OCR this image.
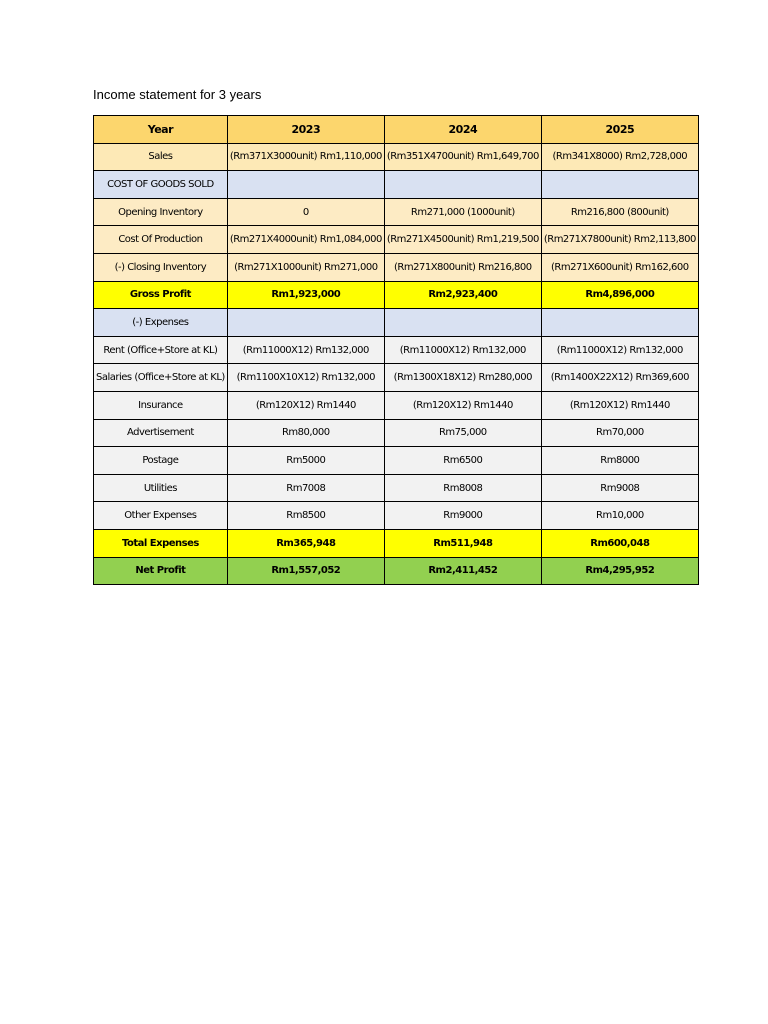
Income statement for 3 years
Year	2023	2024	2025
Sales	(Rm371X3000unit) Rm1,110,000	(Rm351X4700unit) Rm1,649,700	(Rm341X8000) Rm2,728,000
COST OF GOODS SOLD			
Opening Inventory	0	Rm271,000 (1000unit)	Rm216,800 (800unit)
Cost Of Production	(Rm271X4000unit) Rm1,084,000	(Rm271X4500unit) Rm1,219,500	(Rm271X7800unit) Rm2,113,800
(-) Closing Inventory	(Rm271X1000unit) Rm271,000	(Rm271X800unit) Rm216,800	(Rm271X600unit) Rm162,600
Gross Profit	Rm1,923,000	Rm2,923,400	Rm4,896,000
(-) Expenses			
Rent (Office+Store at KL)	(Rm11000X12) Rm132,000	(Rm11000X12) Rm132,000	(Rm11000X12) Rm132,000
Salaries (Office+Store at KL)	(Rm1100X10X12) Rm132,000	(Rm1300X18X12) Rm280,000	(Rm1400X22X12) Rm369,600
Insurance	(Rm120X12) Rm1440	(Rm120X12) Rm1440	(Rm120X12) Rm1440
Advertisement	Rm80,000	Rm75,000	Rm70,000
Postage	Rm5000	Rm6500	Rm8000
Utilities	Rm7008	Rm8008	Rm9008
Other Expenses	Rm8500	Rm9000	Rm10,000
Total Expenses	Rm365,948	Rm511,948	Rm600,048
Net Profit	Rm1,557,052	Rm2,411,452	Rm4,295,952
